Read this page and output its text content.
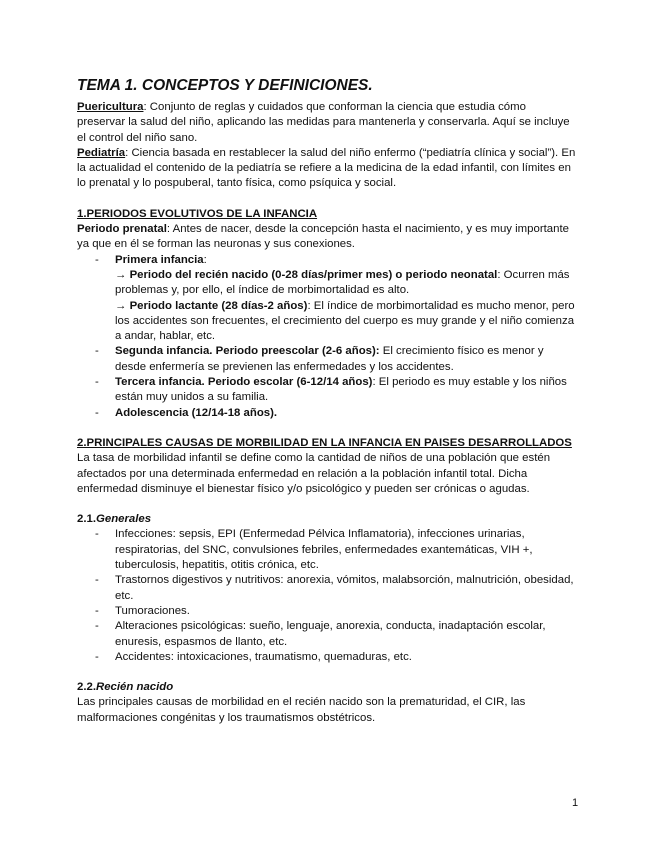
TEMA 1. CONCEPTOS Y DEFINICIONES.

Puericultura: Conjunto de reglas y cuidados que conforman la ciencia que estudia cómo preservar la salud del niño, aplicando las medidas para mantenerla y conservarla. Aquí se incluye el control del niño sano.

Pediatría: Ciencia basada en restablecer la salud del niño enfermo (“pediatría clínica y social”). En la actualidad el contenido de la pediatría se refiere a la medicina de la edad infantil, con límites en lo prenatal y lo pospuberal, tanto física, como psíquica y social.

1.PERIODOS EVOLUTIVOS DE LA INFANCIA

Periodo prenatal: Antes de nacer, desde la concepción hasta el nacimiento, y es muy importante ya que en él se forman las neuronas y sus conexiones.

- Primera infancia:
→ Periodo del recién nacido (0-28 días/primer mes) o periodo neonatal: Ocurren más problemas y, por ello, el índice de morbimortalidad es alto.
→ Periodo lactante (28 días-2 años): El índice de morbimortalidad es mucho menor, pero los accidentes son frecuentes, el crecimiento del cuerpo es muy grande y el niño comienza a andar, hablar, etc.
- Segunda infancia. Periodo preescolar (2-6 años): El crecimiento físico es menor y desde enfermería se previenen las enfermedades y los accidentes.
- Tercera infancia. Periodo escolar (6-12/14 años): El periodo es muy estable y los niños están muy unidos a su familia.
- Adolescencia (12/14-18 años).
2.PRINCIPALES CAUSAS DE MORBILIDAD EN LA INFANCIA EN PAISES DESARROLLADOS

La tasa de morbilidad infantil se define como la cantidad de niños de una población que estén afectados por una determinada enfermedad en relación a la población infantil total. Dicha enfermedad disminuye el bienestar físico y/o psicológico y pueden ser crónicas o agudas.

2.1.Generales
- Infecciones: sepsis, EPI (Enfermedad Pélvica Inflamatoria), infecciones urinarias, respiratorias, del SNC, convulsiones febriles, enfermedades exantemáticas, VIH +, tuberculosis, hepatitis, otitis crónica, etc.
- Trastornos digestivos y nutritivos: anorexia, vómitos, malabsorción, malnutrición, obesidad, etc.
- Tumoraciones.
- Alteraciones psicológicas: sueño, lenguaje, anorexia, conducta, inadaptación escolar, enuresis, espasmos de llanto, etc.
- Accidentes: intoxicaciones, traumatismo, quemaduras, etc.
2.2.Recién nacido

Las principales causas de morbilidad en el recién nacido son la prematuridad, el CIR, las malformaciones congénitas y los traumatismos obstétricos.

1
